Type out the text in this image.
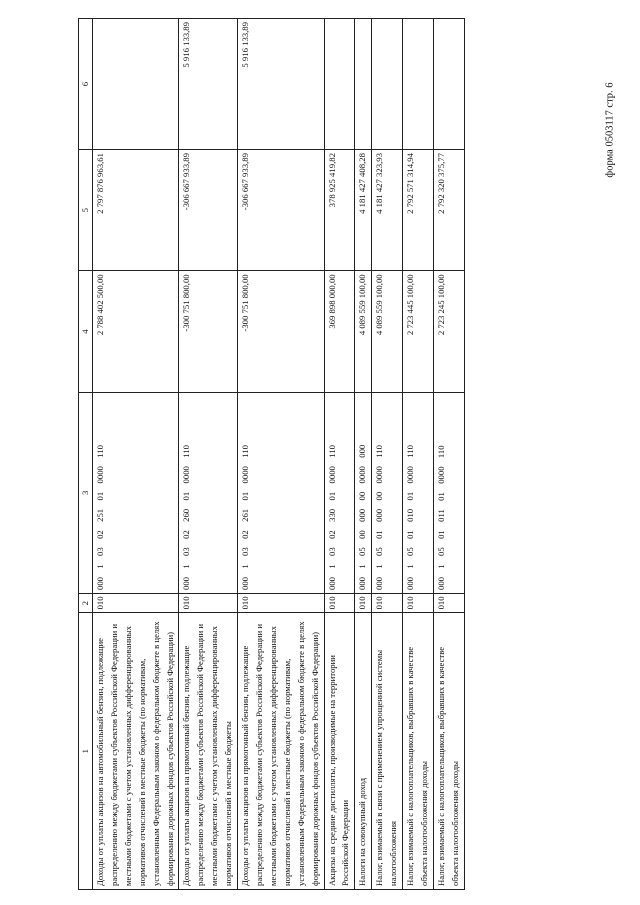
форма 0503117 стр. 6
1	2	3	4	5	6
Доходы от уплаты акцизов на автомобильный бензин, подлежащие распределению между бюджетами субъектов Российской Федерации и местными бюджетами с учетом установленных дифференцированных нормативов отчислений в местные бюджеты (по нормативам, установленным Федеральным законом о федеральном бюджете в целях формирования дорожных фондов субъектов Российской Федерации)	010	000  1  03  02  251  01  0000  110	2 788 402 500,00	2 797 876 963,61	
Доходы от уплаты акцизов на прямогонный бензин, подлежащие распределению между бюджетами субъектов Российской Федерации и местными бюджетами с учетом установленных дифференцированных нормативов отчислений в местные бюджеты	010	000  1  03  02  260  01  0000  110	-300 751 800,00	-306 667 933,89	5 916 133,89
Доходы от уплаты акцизов на прямогонный бензин, подлежащие распределению между бюджетами субъектов Российской Федерации и местными бюджетами с учетом установленных дифференцированных нормативов отчислений в местные бюджеты (по нормативам, установленным Федеральным законом о федеральном бюджете в целях формирования дорожных фондов субъектов Российской Федерации)	010	000  1  03  02  261  01  0000  110	-300 751 800,00	-306 667 933,89	5 916 133,89
Акцизы на средние дистилляты, производимые на территории Российской Федерации	010	000  1  03  02  330  01  0000  110	369 898 000,00	378 925 419,82	
Налоги на совокупный доход	010	000  1  05  00  000  00  0000  000	4 089 559 100,00	4 181 427 408,28	
Налог, взимаемый в связи с применением упрощенной системы налогообложения	010	000  1  05  01  000  00  0000  110	4 089 559 100,00	4 181 427 323,93	
Налог, взимаемый с налогоплательщиков, выбравших в качестве объекта налогообложения доходы	010	000  1  05  01  010  01  0000  110	2 723 445 100,00	2 792 571 314,94	
Налог, взимаемый с налогоплательщиков, выбравших в качестве объекта налогообложения доходы	010	000  1  05  01  011  01  0000  110	2 723 245 100,00	2 792 320 375,77	
